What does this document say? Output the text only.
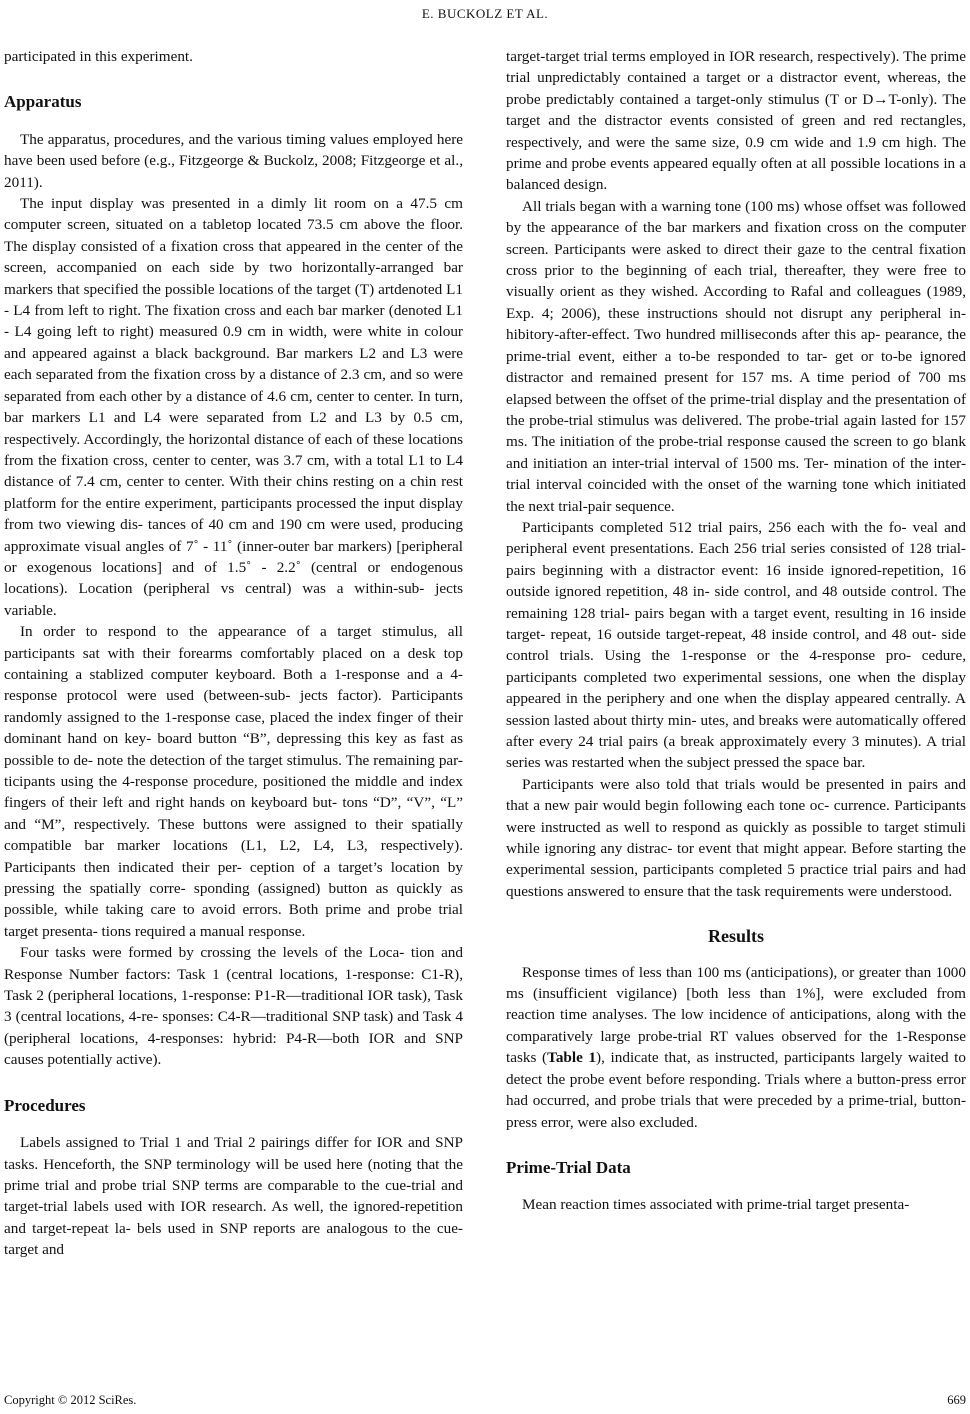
E. BUCKOLZ ET AL.

participated in this experiment.

Apparatus

The apparatus, procedures, and the various timing values employed here have been used before (e.g., Fitzgeorge & Buckolz, 2008; Fitzgeorge et al., 2011).

The input display was presented in a dimly lit room on a 47.5 cm computer screen, situated on a tabletop located 73.5 cm above the floor. The display consisted of a fixation cross that appeared in the center of the screen, accompanied on each side by two horizontally-arranged bar markers that specified the possible locations of the target (T) artdenoted L1 - L4 from left to right. The fixation cross and each bar marker (denoted L1 - L4 going left to right) measured 0.9 cm in width, were white in colour and appeared against a black background. Bar markers L2 and L3 were each separated from the fixation cross by a distance of 2.3 cm, and so were separated from each other by a distance of 4.6 cm, center to center. In turn, bar markers L1 and L4 were separated from L2 and L3 by 0.5 cm, respectively. Accordingly, the horizontal distance of each of these locations from the fixation cross, center to center, was 3.7 cm, with a total L1 to L4 distance of 7.4 cm, center to center. With their chins resting on a chin rest platform for the entire experiment, participants processed the input display from two viewing dis- tances of 40 cm and 190 cm were used, producing approximate visual angles of 7˚ - 11˚ (inner-outer bar markers) [peripheral or exogenous locations] and of 1.5˚ - 2.2˚ (central or endogenous locations). Location (peripheral vs central) was a within-sub- jects variable.

In order to respond to the appearance of a target stimulus, all participants sat with their forearms comfortably placed on a desk top containing a stablized computer keyboard. Both a 1-response and a 4-response protocol were used (between-sub- jects factor). Participants randomly assigned to the 1-response case, placed the index finger of their dominant hand on key- board button “B”, depressing this key as fast as possible to de- note the detection of the target stimulus. The remaining par- ticipants using the 4-response procedure, positioned the middle and index fingers of their left and right hands on keyboard but- tons “D”, “V”, “L” and “M”, respectively. These buttons were assigned to their spatially compatible bar marker locations (L1, L2, L4, L3, respectively). Participants then indicated their per- ception of a target’s location by pressing the spatially corre- sponding (assigned) button as quickly as possible, while taking care to avoid errors. Both prime and probe trial target presenta- tions required a manual response.

Four tasks were formed by crossing the levels of the Loca- tion and Response Number factors: Task 1 (central locations, 1-response: C1-R), Task 2 (peripheral locations, 1-response: P1-R—traditional IOR task), Task 3 (central locations, 4-re- sponses: C4-R—traditional SNP task) and Task 4 (peripheral locations, 4-responses: hybrid: P4-R—both IOR and SNP causes potentially active).

Procedures

Labels assigned to Trial 1 and Trial 2 pairings differ for IOR and SNP tasks. Henceforth, the SNP terminology will be used here (noting that the prime trial and probe trial SNP terms are comparable to the cue-trial and target-trial labels used with IOR research. As well, the ignored-repetition and target-repeat la- bels used in SNP reports are analogous to the cue-target and

target-target trial terms employed in IOR research, respectively). The prime trial unpredictably contained a target or a distractor event, whereas, the probe predictably contained a target-only stimulus (T or D→T-only). The target and the distractor events consisted of green and red rectangles, respectively, and were the same size, 0.9 cm wide and 1.9 cm high. The prime and probe events appeared equally often at all possible locations in a balanced design.

All trials began with a warning tone (100 ms) whose offset was followed by the appearance of the bar markers and fixation cross on the computer screen. Participants were asked to direct their gaze to the central fixation cross prior to the beginning of each trial, thereafter, they were free to visually orient as they wished. According to Rafal and colleagues (1989, Exp. 4; 2006), these instructions should not disrupt any peripheral in- hibitory-after-effect. Two hundred milliseconds after this ap- pearance, the prime-trial event, either a to-be responded to tar- get or to-be ignored distractor and remained present for 157 ms. A time period of 700 ms elapsed between the offset of the prime-trial display and the presentation of the probe-trial stimulus was delivered. The probe-trial again lasted for 157 ms. The initiation of the probe-trial response caused the screen to go blank and initiation an inter-trial interval of 1500 ms. Ter- mination of the inter-trial interval coincided with the onset of the warning tone which initiated the next trial-pair sequence.

Participants completed 512 trial pairs, 256 each with the fo- veal and peripheral event presentations. Each 256 trial series consisted of 128 trial-pairs beginning with a distractor event: 16 inside ignored-repetition, 16 outside ignored repetition, 48 in- side control, and 48 outside control. The remaining 128 trial- pairs began with a target event, resulting in 16 inside target- repeat, 16 outside target-repeat, 48 inside control, and 48 out- side control trials. Using the 1-response or the 4-response pro- cedure, participants completed two experimental sessions, one when the display appeared in the periphery and one when the display appeared centrally. A session lasted about thirty min- utes, and breaks were automatically offered after every 24 trial pairs (a break approximately every 3 minutes). A trial series was restarted when the subject pressed the space bar.

Participants were also told that trials would be presented in pairs and that a new pair would begin following each tone oc- currence. Participants were instructed as well to respond as quickly as possible to target stimuli while ignoring any distrac- tor event that might appear. Before starting the experimental session, participants completed 5 practice trial pairs and had questions answered to ensure that the task requirements were understood.

Results

Response times of less than 100 ms (anticipations), or greater than 1000 ms (insufficient vigilance) [both less than 1%], were excluded from reaction time analyses. The low incidence of anticipations, along with the comparatively large probe-trial RT values observed for the 1-Response tasks (Table 1), indicate that, as instructed, participants largely waited to detect the probe event before responding. Trials where a button-press error had occurred, and probe trials that were preceded by a prime-trial, button-press error, were also excluded.

Prime-Trial Data

Mean reaction times associated with prime-trial target presenta-

Copyright © 2012 SciRes.	669
